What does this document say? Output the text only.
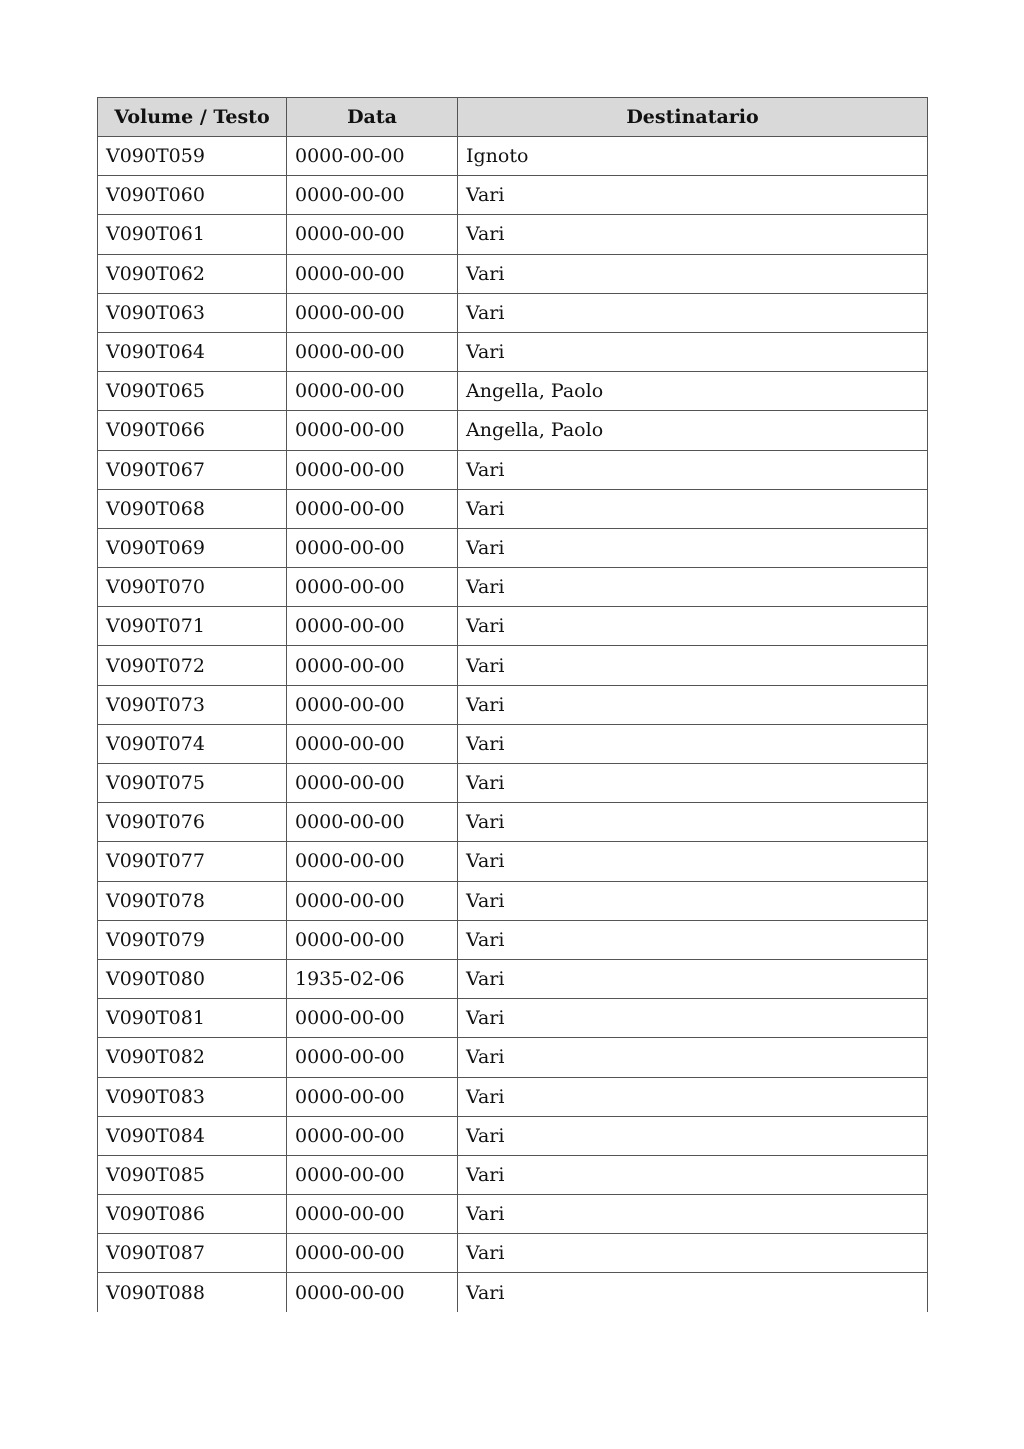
Volume / Testo	Data	Destinatario
V090T059	0000-00-00	Ignoto
V090T060	0000-00-00	Vari
V090T061	0000-00-00	Vari
V090T062	0000-00-00	Vari
V090T063	0000-00-00	Vari
V090T064	0000-00-00	Vari
V090T065	0000-00-00	Angella, Paolo
V090T066	0000-00-00	Angella, Paolo
V090T067	0000-00-00	Vari
V090T068	0000-00-00	Vari
V090T069	0000-00-00	Vari
V090T070	0000-00-00	Vari
V090T071	0000-00-00	Vari
V090T072	0000-00-00	Vari
V090T073	0000-00-00	Vari
V090T074	0000-00-00	Vari
V090T075	0000-00-00	Vari
V090T076	0000-00-00	Vari
V090T077	0000-00-00	Vari
V090T078	0000-00-00	Vari
V090T079	0000-00-00	Vari
V090T080	1935-02-06	Vari
V090T081	0000-00-00	Vari
V090T082	0000-00-00	Vari
V090T083	0000-00-00	Vari
V090T084	0000-00-00	Vari
V090T085	0000-00-00	Vari
V090T086	0000-00-00	Vari
V090T087	0000-00-00	Vari
V090T088	0000-00-00	Vari
